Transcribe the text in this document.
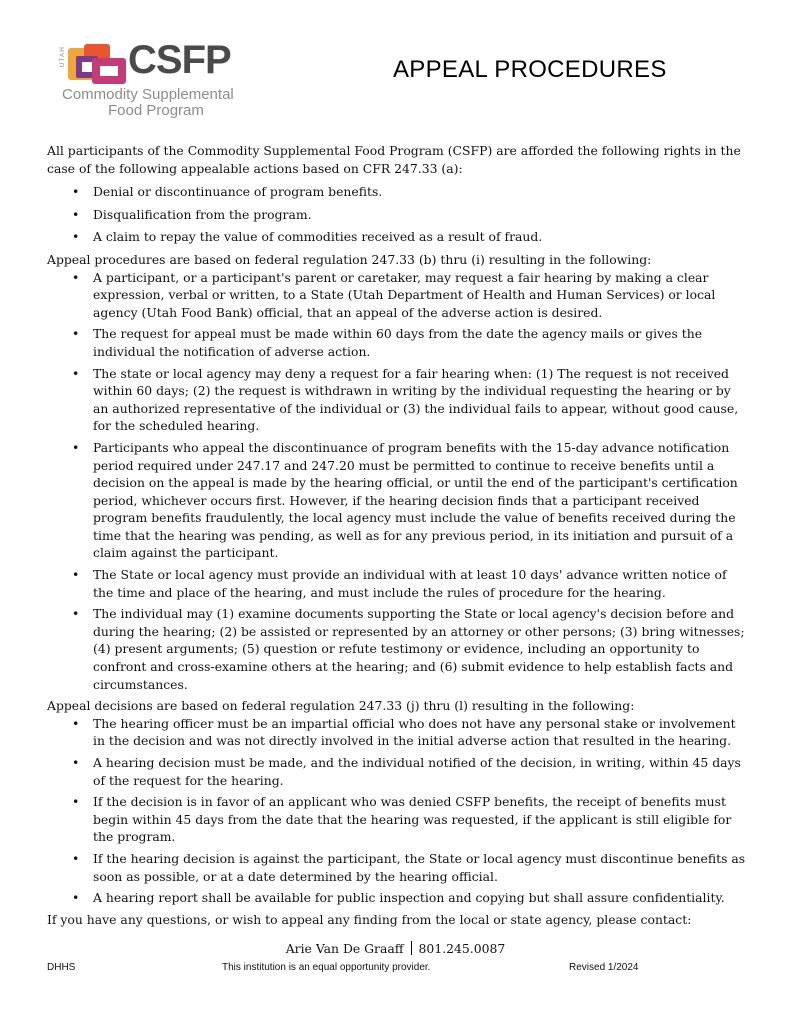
UTAH CSFP
Commodity Supplemental
Food Program
APPEAL PROCEDURES

All participants of the Commodity Supplemental Food Program (CSFP) are afforded the following rights in the case of the following appealable actions based on CFR 247.33 (a):

• Denial or discontinuance of program benefits.
• Disqualification from the program.
• A claim to repay the value of commodities received as a result of fraud.

Appeal procedures are based on federal regulation 247.33 (b) thru (i) resulting in the following:

• A participant, or a participant's parent or caretaker, may request a fair hearing by making a clear expression, verbal or written, to a State (Utah Department of Health and Human Services) or local agency (Utah Food Bank) official, that an appeal of the adverse action is desired.
• The request for appeal must be made within 60 days from the date the agency mails or gives the individual the notification of adverse action.
• The state or local agency may deny a request for a fair hearing when: (1) The request is not received within 60 days; (2) the request is withdrawn in writing by the individual requesting the hearing or by an authorized representative of the individual or (3) the individual fails to appear, without good cause, for the scheduled hearing.
• Participants who appeal the discontinuance of program benefits with the 15-day advance notification period required under 247.17 and 247.20 must be permitted to continue to receive benefits until a decision on the appeal is made by the hearing official, or until the end of the participant's certification period, whichever occurs first. However, if the hearing decision finds that a participant received program benefits fraudulently, the local agency must include the value of benefits received during the time that the hearing was pending, as well as for any previous period, in its initiation and pursuit of a claim against the participant.
• The State or local agency must provide an individual with at least 10 days' advance written notice of the time and place of the hearing, and must include the rules of procedure for the hearing.
• The individual may (1) examine documents supporting the State or local agency's decision before and during the hearing; (2) be assisted or represented by an attorney or other persons; (3) bring witnesses; (4) present arguments; (5) question or refute testimony or evidence, including an opportunity to confront and cross-examine others at the hearing; and (6) submit evidence to help establish facts and circumstances.

Appeal decisions are based on federal regulation 247.33 (j) thru (l) resulting in the following:

• The hearing officer must be an impartial official who does not have any personal stake or involvement in the decision and was not directly involved in the initial adverse action that resulted in the hearing.
• A hearing decision must be made, and the individual notified of the decision, in writing, within 45 days of the request for the hearing.
• If the decision is in favor of an applicant who was denied CSFP benefits, the receipt of benefits must begin within 45 days from the date that the hearing was requested, if the applicant is still eligible for the program.
• If the hearing decision is against the participant, the State or local agency must discontinue benefits as soon as possible, or at a date determined by the hearing official.
• A hearing report shall be available for public inspection and copying but shall assure confidentiality.

If you have any questions, or wish to appeal any finding from the local or state agency, please contact:

Arie Van De Graaff 801.245.0087
DHHS	This institution is an equal opportunity provider.	Revised 1/2024
